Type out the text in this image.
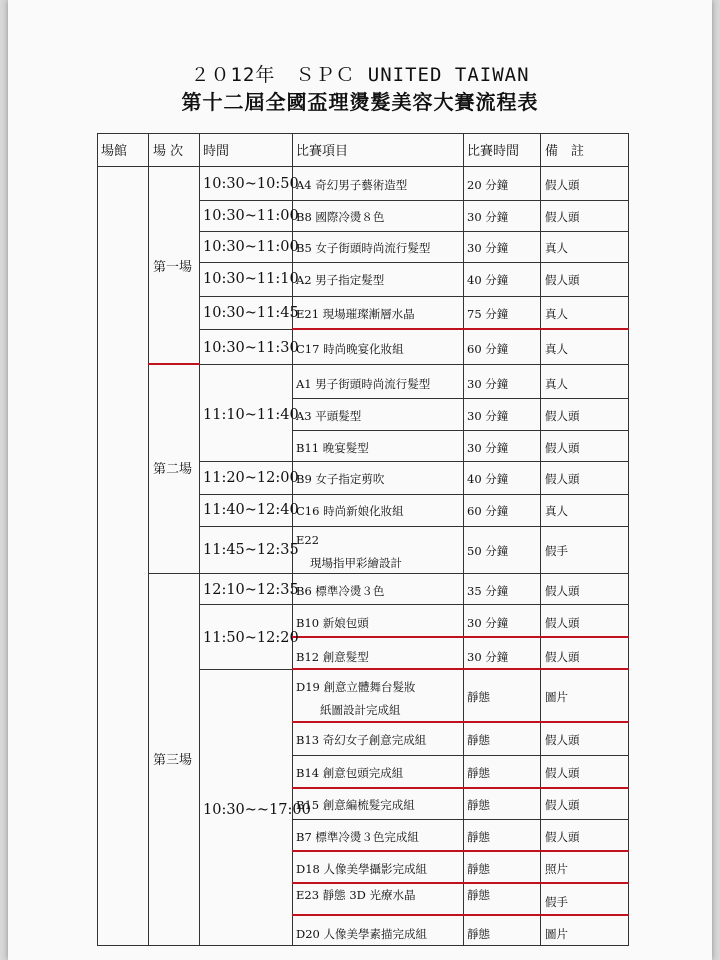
２０12年　ＳＰＣ UNITED TAIWAN
第十二屆全國盃理燙髮美容大賽流程表
場館 場 次 時間	比賽項目	比賽時間 備　註
第一場
第二場
第三場
10:30~10:50
10:30~11:00
10:30~11:00
10:30~11:10
10:30~11:45
10:30~11:30
11:10~11:40
11:20~12:00
11:40~12:40
11:45~12:35
12:10~12:35
11:50~12:20
10:30~~17:00
A4 奇幻男子藝術造型
B8 國際冷燙８色
B5 女子街頭時尚流行髮型
A2 男子指定髮型
E21 現場璀璨漸層水晶
C17 時尚晚宴化妝組
A1 男子街頭時尚流行髮型
A3 平頭髮型
B11 晚宴髮型
B9 女子指定剪吹
C16 時尚新娘化妝組
E22
現場指甲彩繪設計
B6 標準冷燙３色
B10 新娘包頭
B12 創意髮型
D19 創意立體舞台髮妝
紙圖設計完成組
B13 奇幻女子創意完成組
B14 創意包頭完成組
B15 創意編梳髮完成組
B7 標準冷燙３色完成組
D18 人像美學攝影完成組
E23 靜態 3D 光療水晶
D20 人像美學素描完成組
20 分鐘
30 分鐘
30 分鐘
40 分鐘
75 分鐘
60 分鐘
30 分鐘
30 分鐘
30 分鐘
40 分鐘
60 分鐘
50 分鐘
35 分鐘
30 分鐘
30 分鐘
靜態
靜態
靜態
靜態
靜態
靜態
靜態
靜態
假人頭
假人頭
真人
假人頭
真人
真人
真人
假人頭
假人頭
假人頭
真人
假手
假人頭
假人頭
假人頭
圖片
假人頭
假人頭
假人頭
假人頭
照片
假手
圖片
